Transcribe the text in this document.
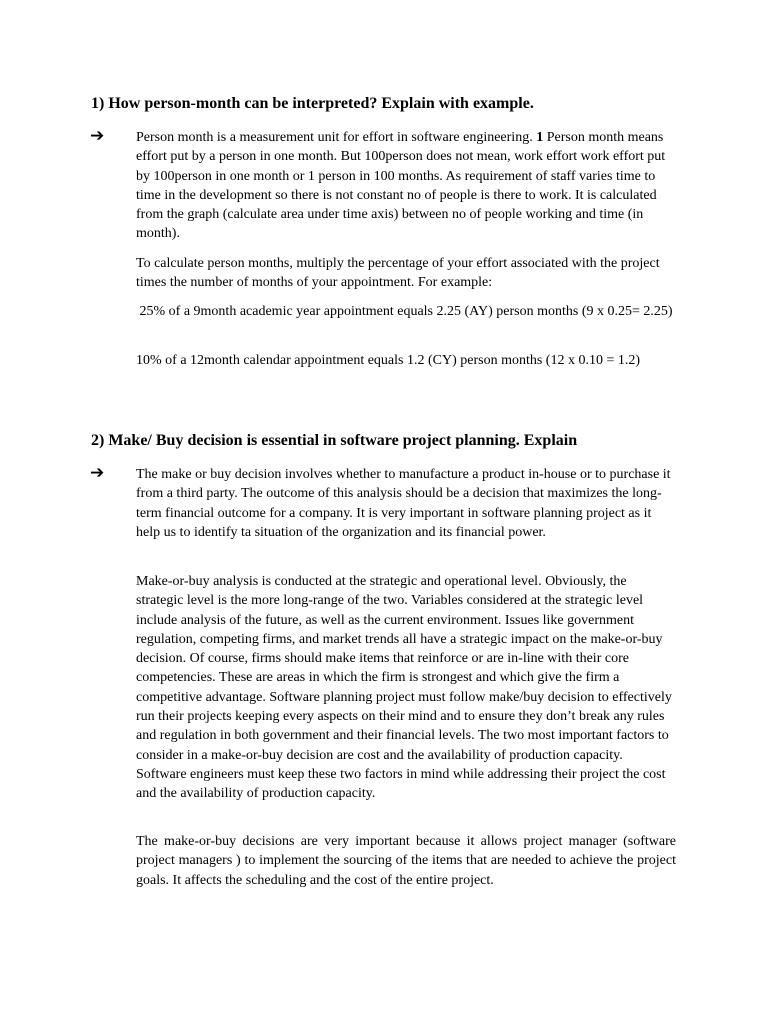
1) How person-month can be interpreted? Explain with example.
➔ Person month is a measurement unit for effort in software engineering. 1 Person month means effort put by a person in one month. But 100person does not mean, work effort work effort put by 100person in one month or 1 person in 100 months. As requirement of staff varies time to time in the development so there is not constant no of people is there to work. It is calculated from the graph (calculate area under time axis) between no of people working and time (in month).
To calculate person months, multiply the percentage of your effort associated with the project times the number of months of your appointment. For example:
25% of a 9month academic year appointment equals 2.25 (AY) person months (9 x 0.25= 2.25)
10% of a 12month calendar appointment equals 1.2 (CY) person months (12 x 0.10 = 1.2)
2) Make/ Buy decision is essential in software project planning. Explain
➔ The make or buy decision involves whether to manufacture a product in-house or to purchase it from a third party. The outcome of this analysis should be a decision that maximizes the long-term financial outcome for a company. It is very important in software planning project as it help us to identify ta situation of the organization and its financial power.
Make-or-buy analysis is conducted at the strategic and operational level. Obviously, the strategic level is the more long-range of the two. Variables considered at the strategic level include analysis of the future, as well as the current environment. Issues like government regulation, competing firms, and market trends all have a strategic impact on the make-or-buy decision. Of course, firms should make items that reinforce or are in-line with their core competencies. These are areas in which the firm is strongest and which give the firm a competitive advantage. Software planning project must follow make/buy decision to effectively run their projects keeping every aspects on their mind and to ensure they don’t break any rules and regulation in both government and their financial levels. The two most important factors to consider in a make-or-buy decision are cost and the availability of production capacity. Software engineers must keep these two factors in mind while addressing their project the cost and the availability of production capacity.
The make-or-buy decisions are very important because it allows project manager (software project managers ) to implement the sourcing of the items that are needed to achieve the project goals. It affects the scheduling and the cost of the entire project.
